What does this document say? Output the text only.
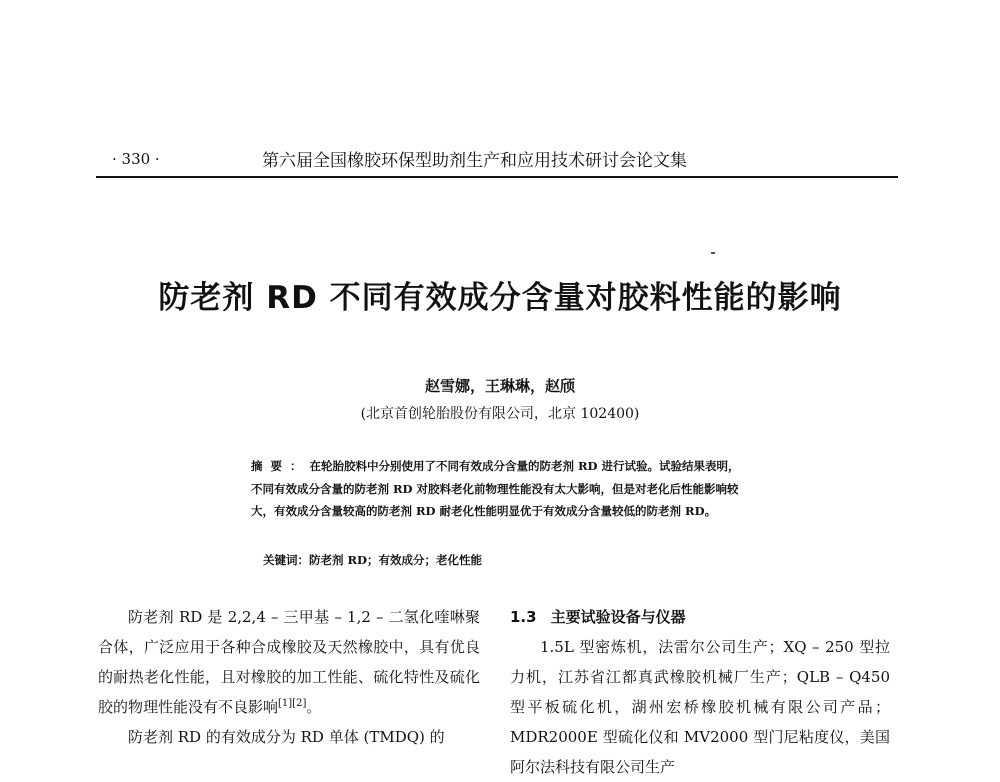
· 330 ·	第六届全国橡胶环保型助剂生产和应用技术研讨会论文集
防老剂 RD 不同有效成分含量对胶料性能的影响
赵雪娜，王琳琳，赵颀
(北京首创轮胎股份有限公司，北京 102400)
摘要：在轮胎胶料中分别使用了不同有效成分含量的防老剂 RD 进行试验。试验结果表明，不同有效成分含量的防老剂 RD 对胶料老化前物理性能没有太大影响，但是对老化后性能影响较大，有效成分含量较高的防老剂 RD 耐老化性能明显优于有效成分含量较低的防老剂 RD。
关键词：防老剂 RD；有效成分；老化性能

防老剂 RD 是 2,2,4 – 三甲基 – 1,2 – 二氢化喹啉聚合体，广泛应用于各种合成橡胶及天然橡胶中，具有优良的耐热老化性能，且对橡胶的加工性能、硫化特性及硫化胶的物理性能没有不良影响[1][2]。

防老剂 RD 的有效成分为 RD 单体 (TMDQ) 的

1.3 主要试验设备与仪器

1.5L 型密炼机，法雷尔公司生产；XQ – 250 型拉力机，江苏省江都真武橡胶机械厂生产；QLB – Q450 型平板硫化机，湖州宏桥橡胶机械有限公司产品；MDR2000E 型硫化仪和 MV2000 型门尼粘度仪，美国阿尔法科技有限公司生产
